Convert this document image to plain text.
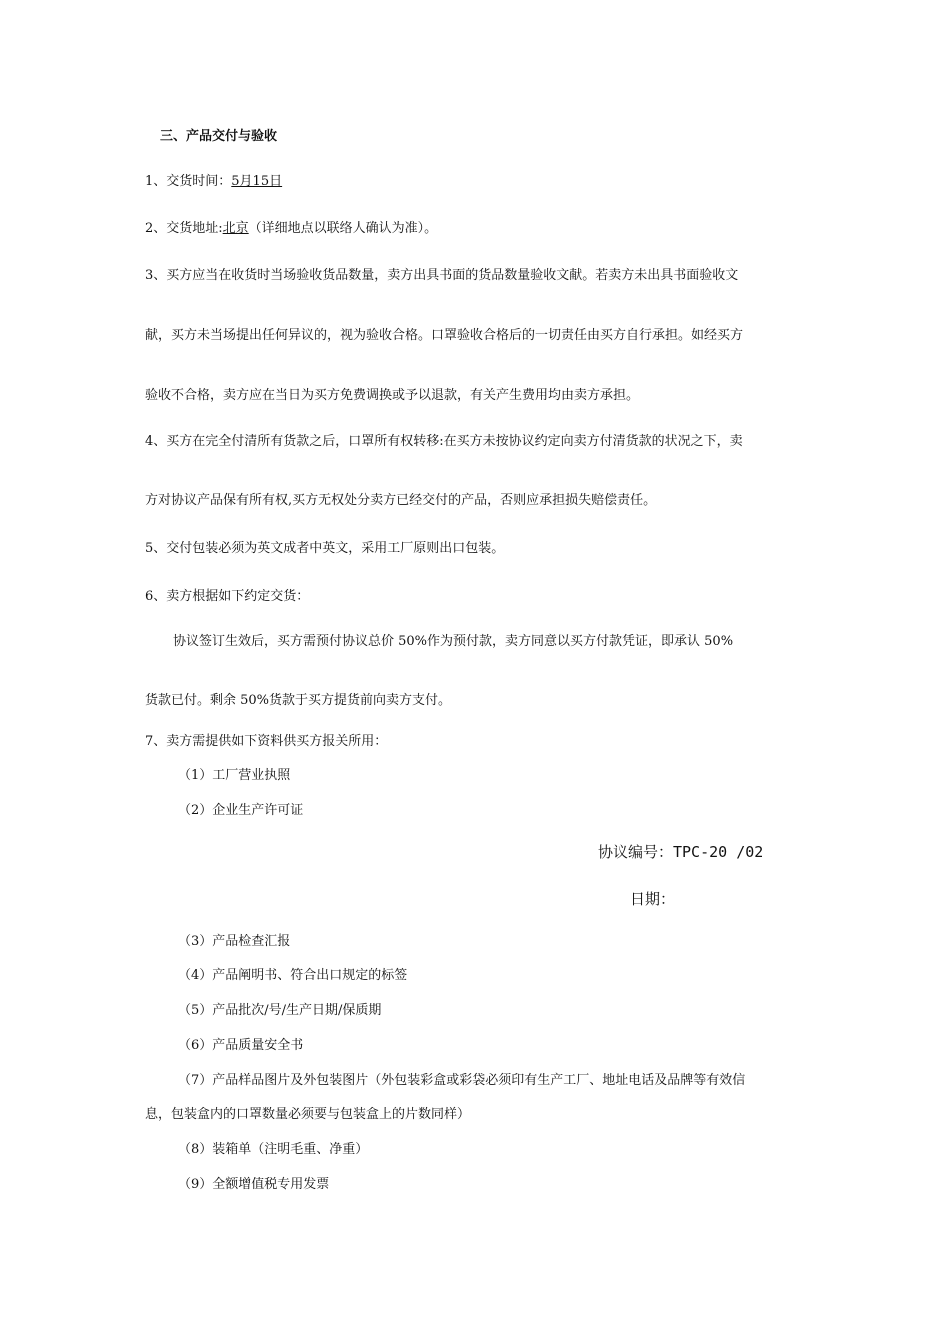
三、产品交付与验收
1、交货时间：5月15日
2、交货地址:北京（详细地点以联络人确认为准）。
3、买方应当在收货时当场验收货品数量，卖方出具书面的货品数量验收文献。若卖方未出具书面验收文
献，买方未当场提出任何异议的，视为验收合格。口罩验收合格后的一切责任由买方自行承担。如经买方
验收不合格，卖方应在当日为买方免费调换或予以退款，有关产生费用均由卖方承担。
4、买方在完全付清所有货款之后，口罩所有权转移:在买方未按协议约定向卖方付清货款的状况之下，卖
方对协议产品保有所有权,买方无权处分卖方已经交付的产品，否则应承担损失赔偿责任。
5、交付包装必须为英文成者中英文，采用工厂原则出口包装。
6、卖方根据如下约定交货：
协议签订生效后，买方需预付协议总价 50%作为预付款，卖方同意以买方付款凭证，即承认 50%
货款已付。剩余 50%货款于买方提货前向卖方支付。
7、卖方需提供如下资料供买方报关所用：
（1）工厂营业执照
（2）企业生产许可证
协议编号：TPC-20 /02
日期：
（3）产品检查汇报
（4）产品阐明书、符合出口规定的标签
（5）产品批次/号/生产日期/保质期
（6）产品质量安全书
（7）产品样品图片及外包装图片（外包装彩盒或彩袋必须印有生产工厂、地址电话及品牌等有效信
息，包装盒内的口罩数量必须要与包装盒上的片数同样）
（8）装箱单（注明毛重、净重）
（9）全额增值税专用发票
